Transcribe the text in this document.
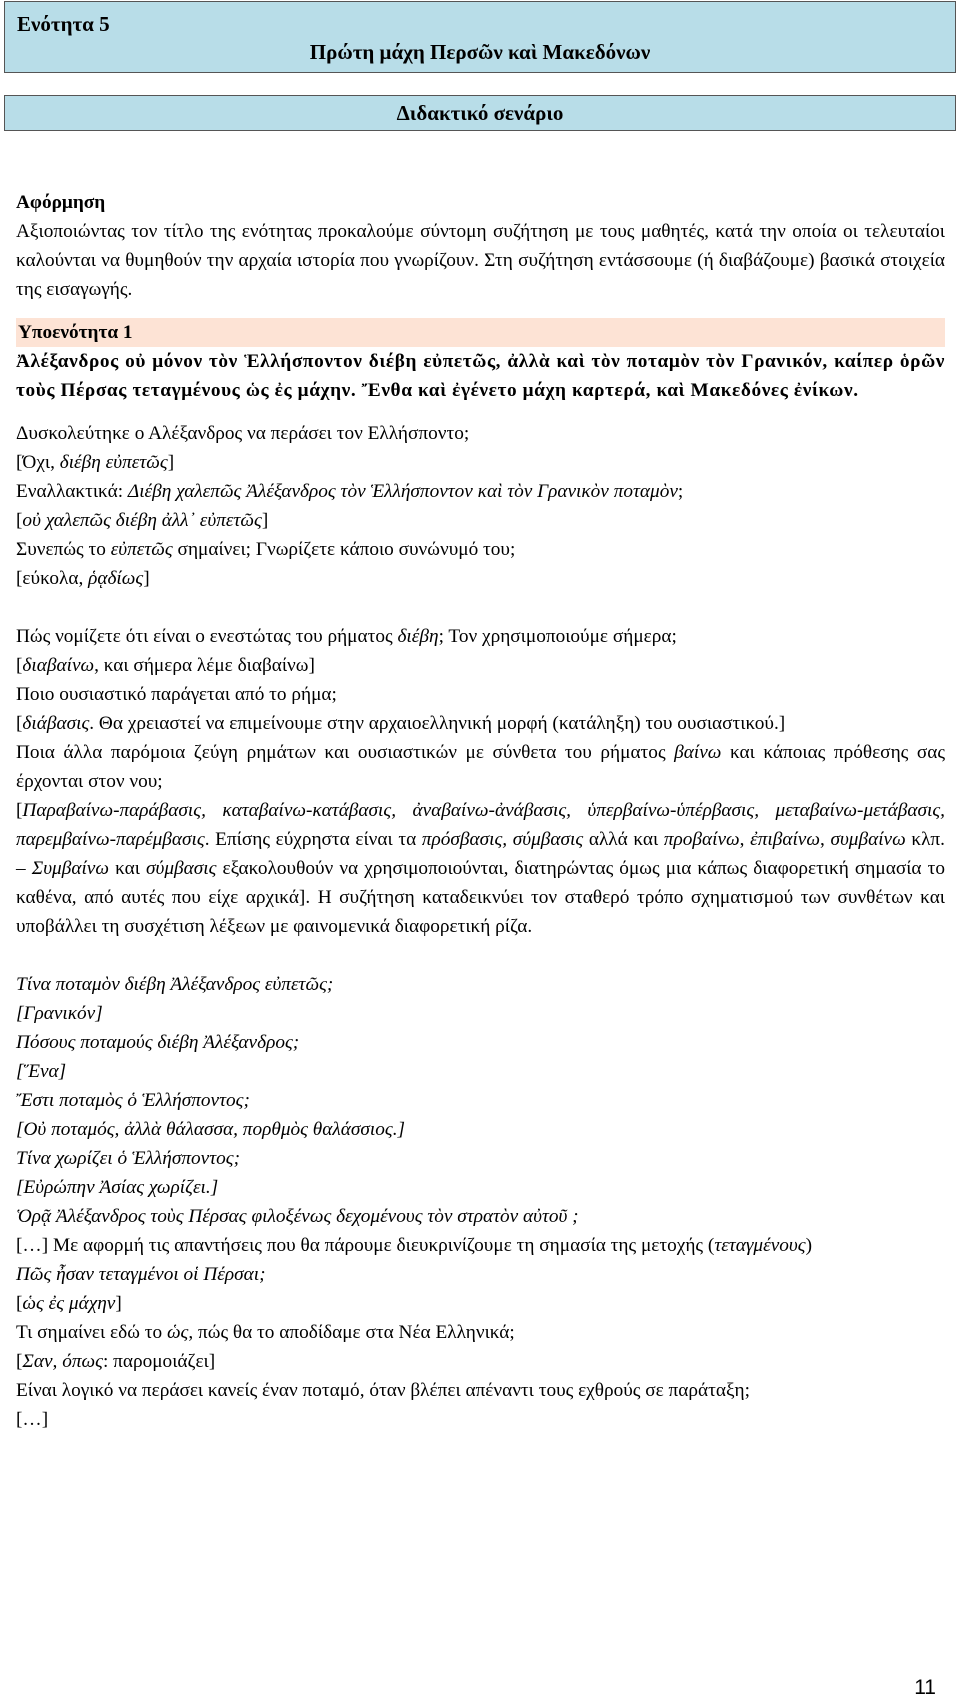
Ενότητα 5
Πρώτη μάχη Περσῶν καὶ Μακεδόνων
Διδακτικό σενάριο

Αφόρμηση

Αξιοποιώντας τον τίτλο της ενότητας προκαλούμε σύντομη συζήτηση με τους μαθητές, κατά την οποία οι τελευταίοι καλούνται να θυμηθούν την αρχαία ιστορία που γνωρίζουν. Στη συζήτηση εντάσσουμε (ή διαβάζουμε) βασικά στοιχεία της εισαγωγής.

Υποενότητα 1

Ἀλέξανδρος οὐ μόνον τὸν Ἑλλήσποντον διέβη εὐπετῶς, ἀλλὰ καὶ τὸν ποταμὸν τὸν Γρανικόν, καίπερ ὁρῶν τοὺς Πέρσας τεταγμένους ὡς ἐς μάχην. Ἔνθα καὶ ἐγένετο μάχη καρτερά, καὶ Μακεδόνες ἐνίκων.

Δυσκολεύτηκε ο Αλέξανδρος να περάσει τον Ελλήσποντο;

[Όχι, διέβη εὐπετῶς]

Εναλλακτικά: Διέβη χαλεπῶς Ἀλέξανδρος τὸν Ἑλλήσποντον καὶ τὸν Γρανικὸν ποταμὸν;

[οὐ χαλεπῶς διέβη ἀλλ᾽ εὐπετῶς]

Συνεπώς το εὐπετῶς σημαίνει; Γνωρίζετε κάποιο συνώνυμό του;

[εύκολα, ῥᾳδίως]

Πώς νομίζετε ότι είναι ο ενεστώτας του ρήματος διέβη; Τον χρησιμοποιούμε σήμερα;

[διαβαίνω, και σήμερα λέμε διαβαίνω]

Ποιο ουσιαστικό παράγεται από το ρήμα;

[διάβασις. Θα χρειαστεί να επιμείνουμε στην αρχαιοελληνική μορφή (κατάληξη) του ουσιαστικού.]

Ποια άλλα παρόμοια ζεύγη ρημάτων και ουσιαστικών με σύνθετα του ρήματος βαίνω και κάποιας πρόθεσης σας έρχονται στον νου;

[Παραβαίνω-παράβασις, καταβαίνω-κατάβασις, ἀναβαίνω-ἀνάβασις, ὑπερβαίνω-ὑπέρβασις, μεταβαίνω-μετάβασις, παρεμβαίνω-παρέμβασις. Επίσης εύχρηστα είναι τα πρόσβασις, σύμβασις αλλά και προβαίνω, ἐπιβαίνω, συμβαίνω κλπ. – Συμβαίνω και σύμβασις εξακολουθούν να χρησιμοποιούνται, διατηρώντας όμως μια κάπως διαφορετική σημασία το καθένα, από αυτές που είχε αρχικά]. Η συζήτηση καταδεικνύει τον σταθερό τρόπο σχηματισμού των συνθέτων και υποβάλλει τη συσχέτιση λέξεων με φαινομενικά διαφορετική ρίζα.

Τίνα ποταμὸν διέβη Ἀλέξανδρος εὐπετῶς;

[Γρανικόν]

Πόσους ποταμούς διέβη Ἀλέξανδρος;

[Ἕνα]

Ἔστι ποταμὸς ὁ Ἑλλήσποντος;

[Οὐ ποταμός, ἀλλὰ θάλασσα, πορθμὸς θαλάσσιος.]

Τίνα χωρίζει ὁ Ἑλλήσποντος;

[Εὐρώπην Ἀσίας χωρίζει.]

Ὁρᾷ Ἀλέξανδρος τοὺς Πέρσας φιλοξένως δεχομένους τὸν στρατὸν αὐτοῦ ;

[…] Με αφορμή τις απαντήσεις που θα πάρουμε διευκρινίζουμε τη σημασία της μετοχής (τεταγμένους)

Πῶς ἦσαν τεταγμένοι οἱ Πέρσαι;

[ὡς ἐς μάχην]

Τι σημαίνει εδώ το ὡς, πώς θα το αποδίδαμε στα Νέα Ελληνικά;

[Σαν, όπως: παρομοιάζει]

Είναι λογικό να περάσει κανείς έναν ποταμό, όταν βλέπει απέναντι τους εχθρούς σε παράταξη;

[…]

11
